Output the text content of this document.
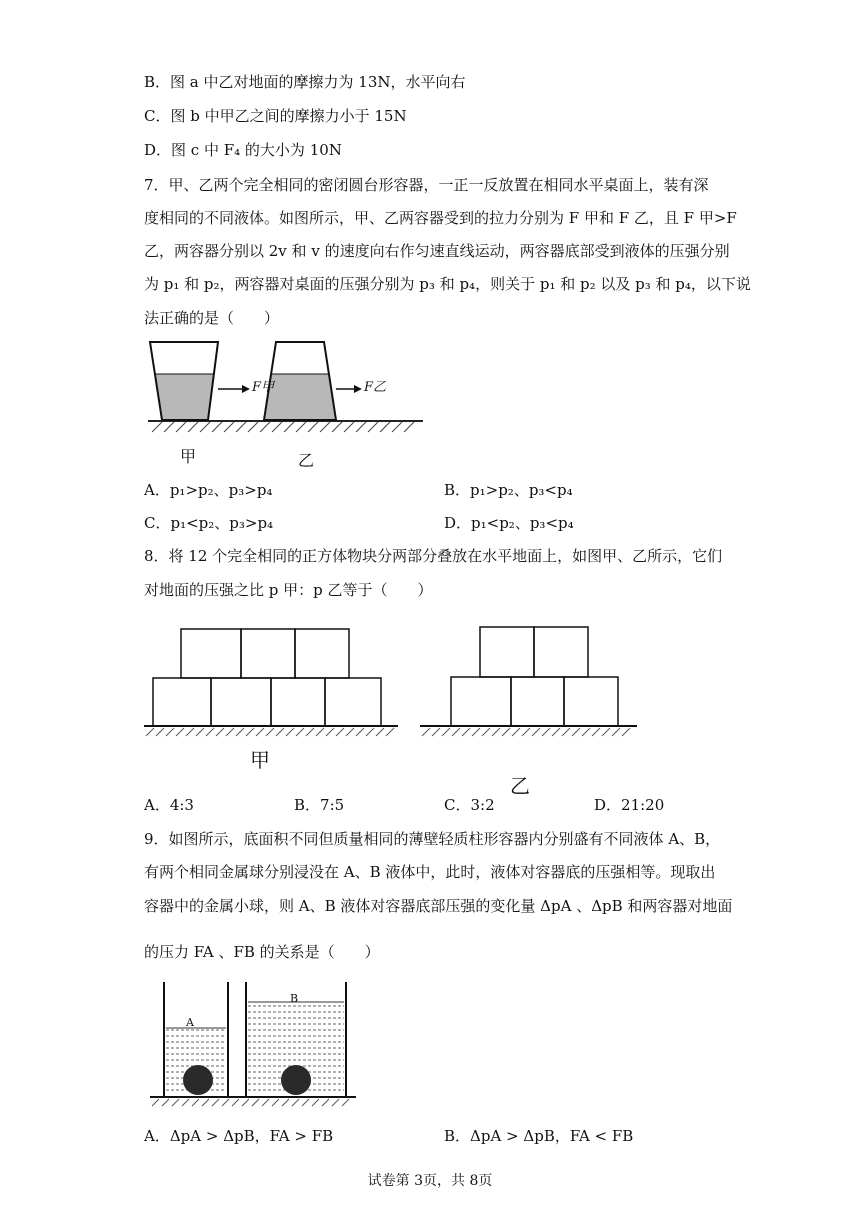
B．图 a 中乙对地面的摩擦力为 13N，水平向右
C．图 b 中甲乙之间的摩擦力小于 15N
D．图 c 中 F₄ 的大小为 10N
7．甲、乙两个完全相同的密闭圆台形容器，一正一反放置在相同水平桌面上，装有深
度相同的不同液体。如图所示，甲、乙两容器受到的拉力分别为 F 甲和 F 乙，且 F 甲>F
乙，两容器分别以 2v 和 v 的速度向右作匀速直线运动，两容器底部受到液体的压强分别
为 p₁ 和 p₂，两容器对桌面的压强分别为 p₃ 和 p₄，则关于 p₁ 和 p₂ 以及 p₃ 和 p₄，以下说
法正确的是（　　）
F甲	F乙
甲	乙
A．p₁>p₂、p₃>p₄	B．p₁>p₂、p₃<p₄
C．p₁<p₂、p₃>p₄	D．p₁<p₂、p₃<p₄
8．将 12 个完全相同的正方体物块分两部分叠放在水平地面上，如图甲、乙所示，它们
对地面的压强之比 p 甲：p 乙等于（　　）
甲
乙
A．4:3	B．7:5	C．3:2	D．21:20
9．如图所示，底面积不同但质量相同的薄壁轻质柱形容器内分别盛有不同液体 A、B，
有两个相同金属球分别浸没在 A、B 液体中，此时，液体对容器底的压强相等。现取出
容器中的金属小球，则 A、B 液体对容器底部压强的变化量 ΔpA 、ΔpB 和两容器对地面
的压力 FA 、FB 的关系是（　　）
A
B
A．ΔpA > ΔpB，FA > FB	B．ΔpA > ΔpB，FA < FB
试卷第 3页，共 8页
